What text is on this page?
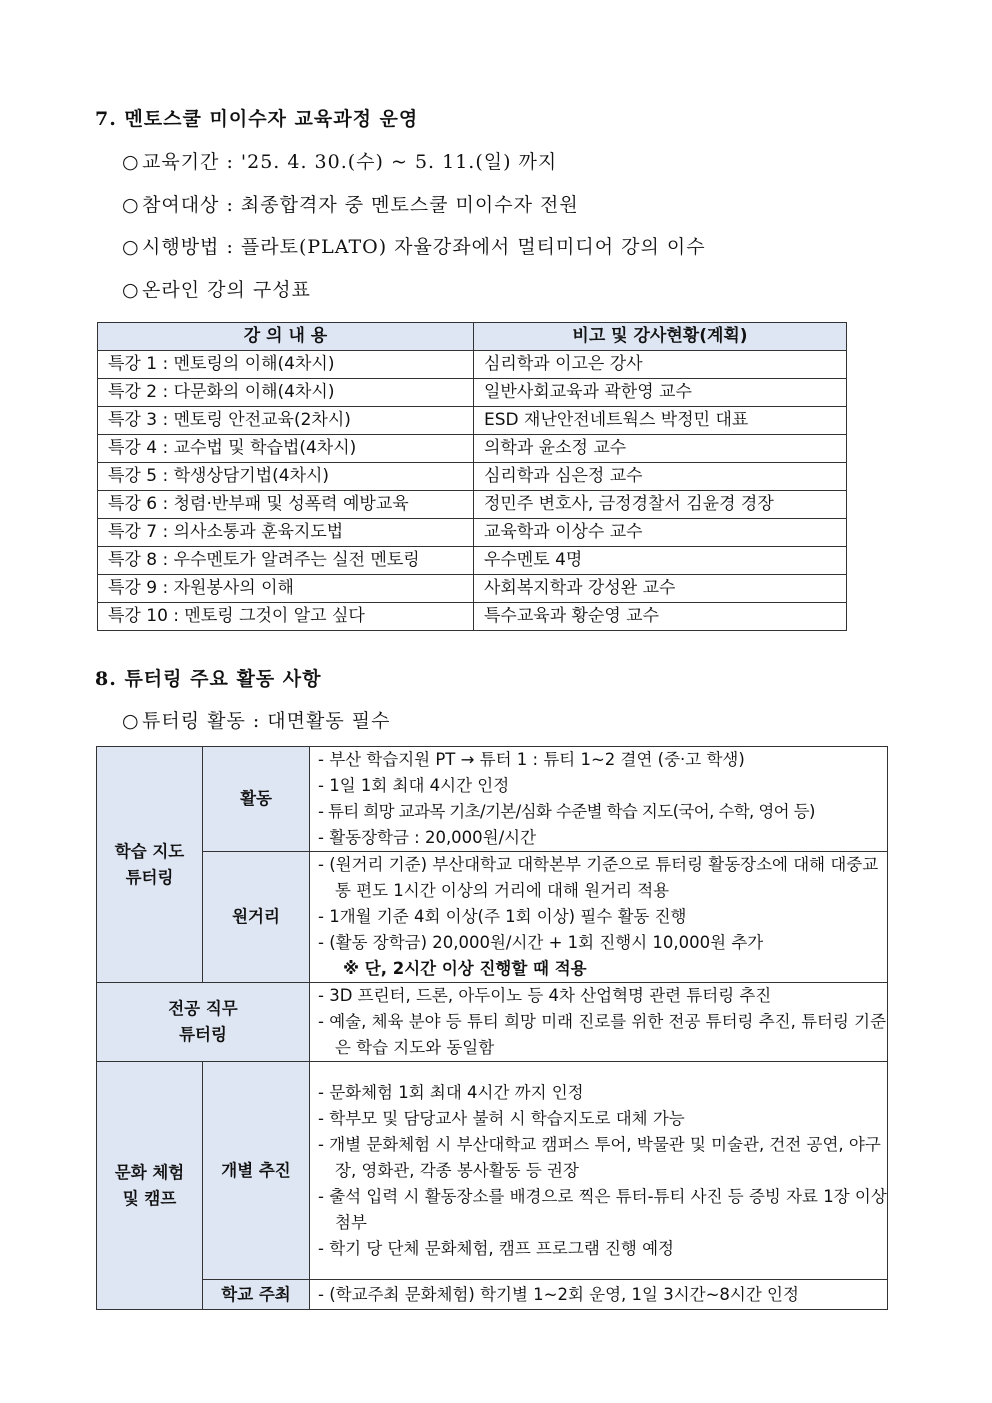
7. 멘토스쿨 미이수자 교육과정 운영
○ 교육기간 : '25. 4. 30.(수) ~ 5. 11.(일) 까지
○ 참여대상 : 최종합격자 중 멘토스쿨 미이수자 전원
○ 시행방법 : 플라토(PLATO) 자율강좌에서 멀티미디어 강의 이수
○ 온라인 강의 구성표
강 의 내 용	비고 및 강사현황(계획)
특강 1 : 멘토링의 이해(4차시)	심리학과 이고은 강사
특강 2 : 다문화의 이해(4차시)	일반사회교육과 곽한영 교수
특강 3 : 멘토링 안전교육(2차시)	ESD 재난안전네트웍스 박정민 대표
특강 4 : 교수법 및 학습법(4차시)	의학과 윤소정 교수
특강 5 : 학생상담기법(4차시)	심리학과 심은정 교수
특강 6 : 청렴·반부패 및 성폭력 예방교육	정민주 변호사, 금정경찰서 김윤경 경장
특강 7 : 의사소통과 훈육지도법	교육학과 이상수 교수
특강 8 : 우수멘토가 알려주는 실전 멘토링	우수멘토 4명
특강 9 : 자원봉사의 이해	사회복지학과 강성완 교수
특강 10 : 멘토링 그것이 알고 싶다	특수교육과 황순영 교수
8. 튜터링 주요 활동 사항
○ 튜터링 활동 : 대면활동 필수
학습 지도
튜터링	활동	- 부산 학습지원 PT → 튜터 1 : 튜티 1~2 결연 (중·고 학생)
- 1일 1회 최대 4시간 인정
- 튜티 희망 교과목 기초/기본/심화 수준별 학습 지도(국어, 수학, 영어 등)
- 활동장학금 : 20,000원/시간

	원거리	- (원거리 기준) 부산대학교 대학본부 기준으로 튜터링 활동장소에 대해 대중교통 편도 1시간 이상의 거리에 대해 원거리 적용
- 1개월 기준 4회 이상(주 1회 이상) 필수 활동 진행
- (활동 장학금) 20,000원/시간 + 1회 진행시 10,000원 추가
※ 단, 2시간 이상 진행할 때 적용

전공 직무
튜터링		- 3D 프린터, 드론, 아두이노 등 4차 산업혁명 관련 튜터링 추진
- 예술, 체육 분야 등 튜티 희망 미래 진로를 위한 전공 튜터링 추진, 튜터링 기준은 학습 지도와 동일함

문화 체험
및 캠프	개별 추진	- 문화체험 1회 최대 4시간 까지 인정
- 학부모 및 담당교사 불허 시 학습지도로 대체 가능
- 개별 문화체험 시 부산대학교 캠퍼스 투어, 박물관 및 미술관, 건전 공연, 야구장, 영화관, 각종 봉사활동 등 권장
- 출석 입력 시 활동장소를 배경으로 찍은 튜터-튜티 사진 등 증빙 자료 1장 이상 첨부
- 학기 당 단체 문화체험, 캠프 프로그램 진행 예정

	학교 주최	- (학교주최 문화체험) 학기별 1~2회 운영, 1일 3시간~8시간 인정
